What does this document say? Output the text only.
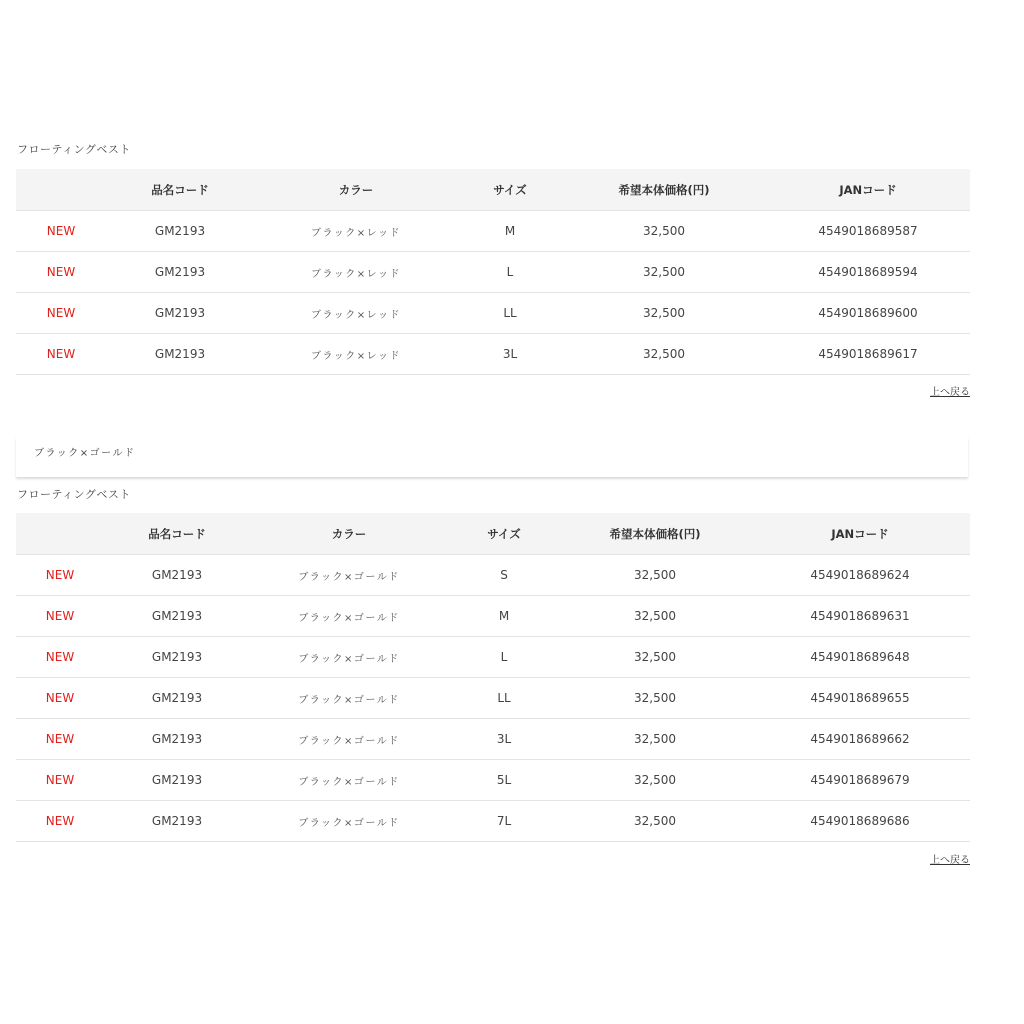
フローティングベスト
	品名コード	カラー	サイズ	希望本体価格(円)	JANコード
NEW	GM2193	ブラック×レッド	M	32,500	4549018689587
NEW	GM2193	ブラック×レッド	L	32,500	4549018689594
NEW	GM2193	ブラック×レッド	LL	32,500	4549018689600
NEW	GM2193	ブラック×レッド	3L	32,500	4549018689617
上へ戻る
ブラック×ゴールド
フローティングベスト
	品名コード	カラー	サイズ	希望本体価格(円)	JANコード
NEW	GM2193	ブラック×ゴールド	S	32,500	4549018689624
NEW	GM2193	ブラック×ゴールド	M	32,500	4549018689631
NEW	GM2193	ブラック×ゴールド	L	32,500	4549018689648
NEW	GM2193	ブラック×ゴールド	LL	32,500	4549018689655
NEW	GM2193	ブラック×ゴールド	3L	32,500	4549018689662
NEW	GM2193	ブラック×ゴールド	5L	32,500	4549018689679
NEW	GM2193	ブラック×ゴールド	7L	32,500	4549018689686
上へ戻る
